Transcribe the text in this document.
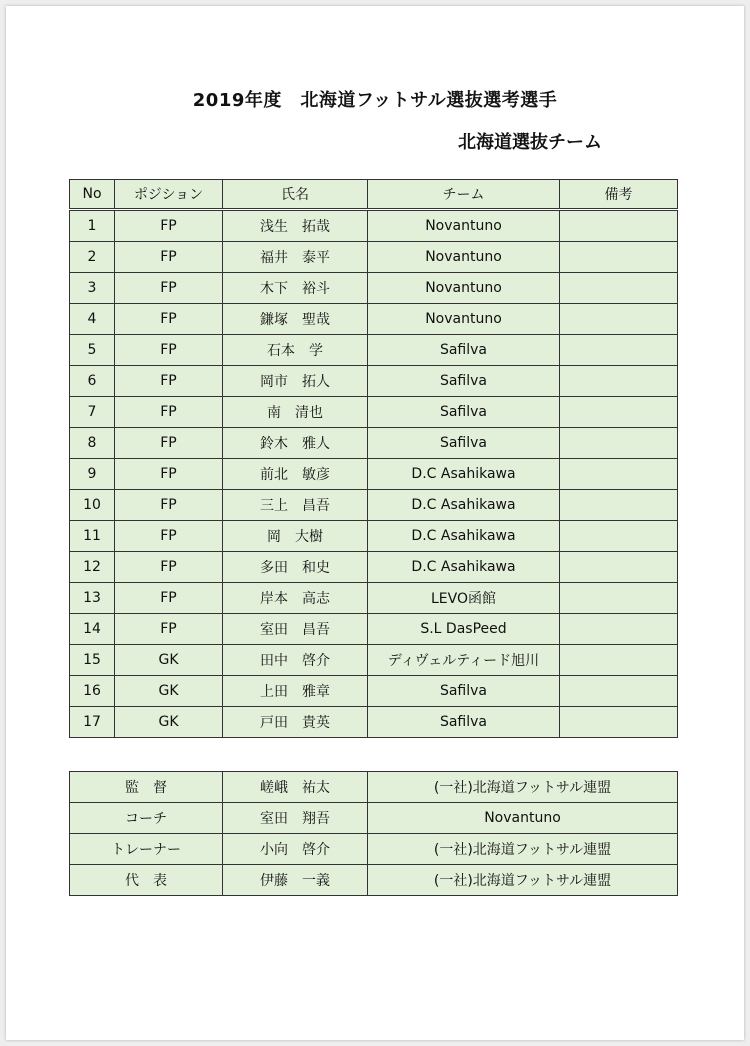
2019年度　北海道フットサル選抜選考選手
北海道選抜チーム
No	ポジション	氏名	チーム	備考
1	FP	浅生　拓哉	Novantuno	
2	FP	福井　泰平	Novantuno	
3	FP	木下　裕斗	Novantuno	
4	FP	鎌塚　聖哉	Novantuno	
5	FP	石本　学	Safilva	
6	FP	岡市　拓人	Safilva	
7	FP	南　清也	Safilva	
8	FP	鈴木　雅人	Safilva	
9	FP	前北　敏彦	D.C Asahikawa	
10	FP	三上　昌吾	D.C Asahikawa	
11	FP	岡　大樹	D.C Asahikawa	
12	FP	多田　和史	D.C Asahikawa	
13	FP	岸本　高志	LEVO函館	
14	FP	室田　昌吾	S.L DasPeed	
15	GK	田中　啓介	ディヴェルティード旭川	
16	GK	上田　雅章	Safilva	
17	GK	戸田　貴英	Safilva	
監　督	嵯峨　祐太	(一社)北海道フットサル連盟
コーチ	室田　翔吾	Novantuno
トレーナー	小向　啓介	(一社)北海道フットサル連盟
代　表	伊藤　一義	(一社)北海道フットサル連盟
